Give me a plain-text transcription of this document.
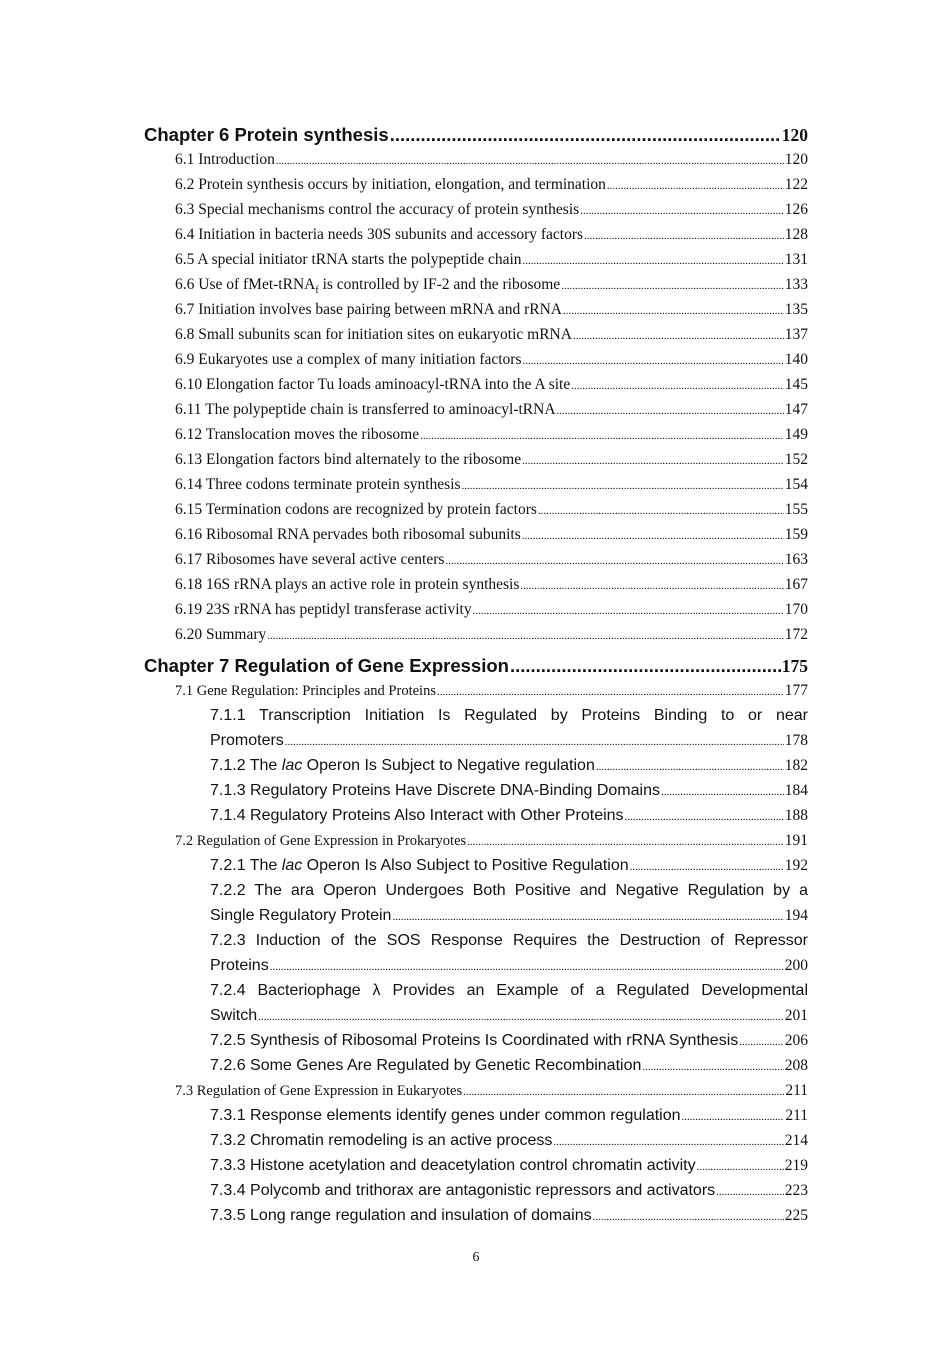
Chapter 6 Protein synthesis .....	120
6.1 Introduction .....	120
6.2 Protein synthesis occurs by initiation, elongation, and termination .....	122
6.3 Special mechanisms control the accuracy of protein synthesis .....	126
6.4 Initiation in bacteria needs 30S subunits and accessory factors .....	128
6.5 A special initiator tRNA starts the polypeptide chain .....	131
6.6 Use of fMet-tRNA$_f$ is controlled by IF-2 and the ribosome .....	133
6.7 Initiation involves base pairing between mRNA and rRNA .....	135
6.8 Small subunits scan for initiation sites on eukaryotic mRNA .....	137
6.9 Eukaryotes use a complex of many initiation factors .....	140
6.10 Elongation factor Tu loads aminoacyl-tRNA into the A site .....	145
6.11 The polypeptide chain is transferred to aminoacyl-tRNA .....	147
6.12 Translocation moves the ribosome .....	149
6.13 Elongation factors bind alternately to the ribosome .....	152
6.14 Three codons terminate protein synthesis .....	154
6.15 Termination codons are recognized by protein factors .....	155
6.16 Ribosomal RNA pervades both ribosomal subunits .....	159
6.17 Ribosomes have several active centers .....	163
6.18 16S rRNA plays an active role in protein synthesis .....	167
6.19 23S rRNA has peptidyl transferase activity .....	170
6.20 Summary .....	172
Chapter 7 Regulation of Gene Expression .....	175
7.1 Gene Regulation: Principles and Proteins .....	177
7.1.1 Transcription Initiation Is Regulated by Proteins Binding to or near
Promoters .....	178
7.1.2 The lac Operon Is Subject to Negative regulation .....	182
7.1.3 Regulatory Proteins Have Discrete DNA-Binding Domains .....	184
7.1.4 Regulatory Proteins Also Interact with Other Proteins .....	188
7.2 Regulation of Gene Expression in Prokaryotes .....	191
7.2.1 The lac Operon Is Also Subject to Positive Regulation .....	192
7.2.2 The ara Operon Undergoes Both Positive and Negative Regulation by a
Single Regulatory Protein .....	194
7.2.3 Induction of the SOS Response Requires the Destruction of Repressor
Proteins .....	200
7.2.4 Bacteriophage λ Provides an Example of a Regulated Developmental
Switch .....	201
7.2.5 Synthesis of Ribosomal Proteins Is Coordinated with rRNA Synthesis .....	206
7.2.6 Some Genes Are Regulated by Genetic Recombination .....	208
7.3 Regulation of Gene Expression in Eukaryotes .....	211
7.3.1 Response elements identify genes under common regulation .....	211
7.3.2 Chromatin remodeling is an active process .....	214
7.3.3 Histone acetylation and deacetylation control chromatin activity .....	219
7.3.4 Polycomb and trithorax are antagonistic repressors and activators .....	223
7.3.5 Long range regulation and insulation of domains .....	225
6
